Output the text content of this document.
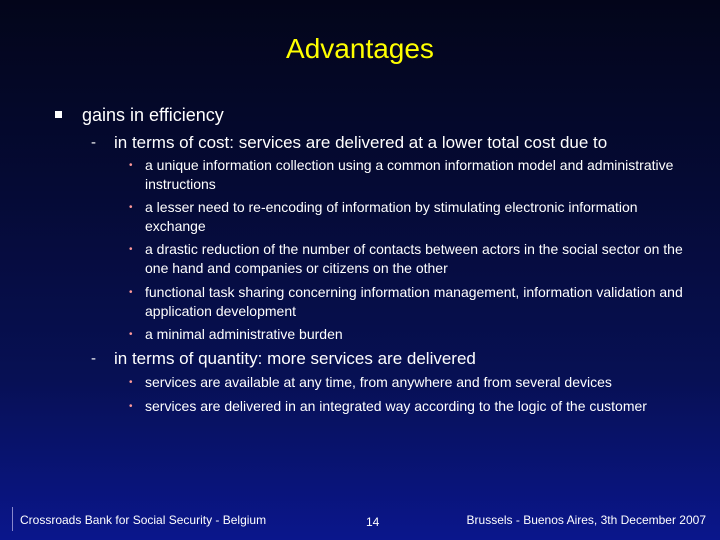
Advantages
gains in efficiency
- in terms of cost: services are delivered at a lower total cost due to
• a unique information collection using a common information model and administrative instructions
• a lesser need to re-encoding of information by stimulating electronic information exchange
• a drastic reduction of the number of contacts between actors in the social sector on the one hand and companies or citizens on the other
• functional task sharing concerning information management, information validation and application development
• a minimal administrative burden
- in terms of quantity: more services are delivered
• services are available at any time, from anywhere and from several devices
• services are delivered in an integrated way according to the logic of the customer
Crossroads Bank for Social Security - Belgium	14	Brussels - Buenos Aires, 3th December 2007
